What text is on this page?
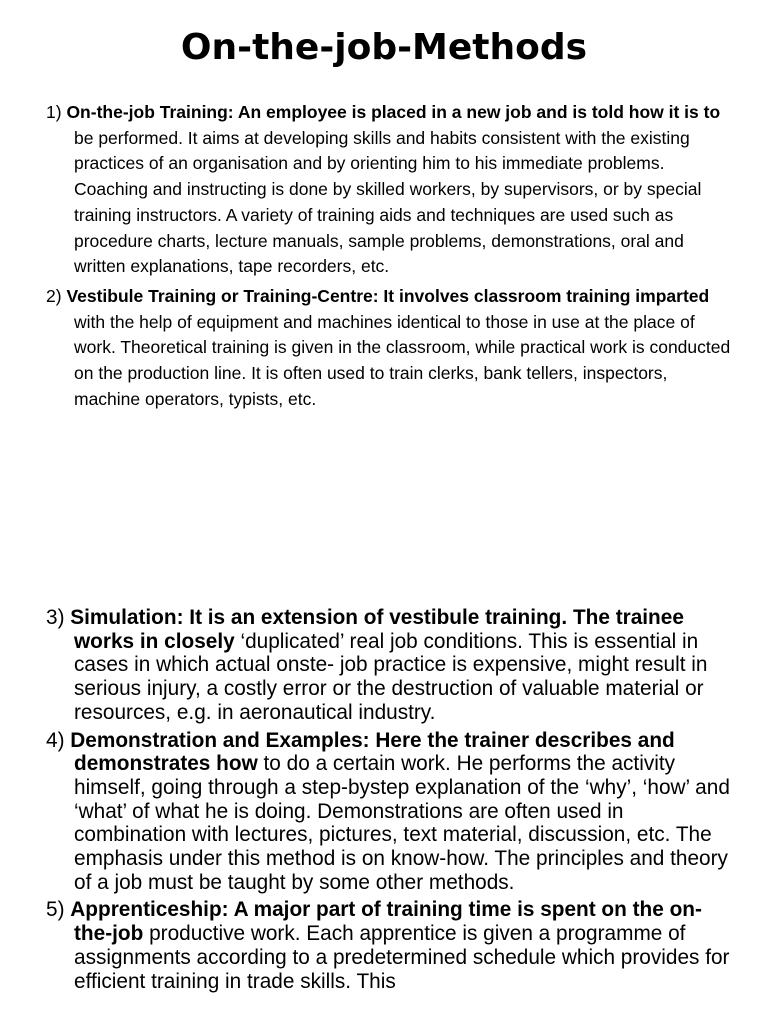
On-the-job-Methods

1) On-the-job Training: An employee is placed in a new job and is told how it is to be performed. It aims at developing skills and habits consistent with the existing practices of an organisation and by orienting him to his immediate problems. Coaching and instructing is done by skilled workers, by supervisors, or by special training instructors. A variety of training aids and techniques are used such as procedure charts, lecture manuals, sample problems, demonstrations, oral and written explanations, tape recorders, etc.

2) Vestibule Training or Training-Centre: It involves classroom training imparted with the help of equipment and machines identical to those in use at the place of work. Theoretical training is given in the classroom, while practical work is conducted on the production line. It is often used to train clerks, bank tellers, inspectors, machine operators, typists, etc.

3) Simulation: It is an extension of vestibule training. The trainee works in closely ‘duplicated’ real job conditions. This is essential in cases in which actual onste- job practice is expensive, might result in serious injury, a costly error or the destruction of valuable material or resources, e.g. in aeronautical industry.

4) Demonstration and Examples: Here the trainer describes and demonstrates how to do a certain work. He performs the activity himself, going through a step-bystep explanation of the ‘why’, ‘how’ and ‘what’ of what he is doing. Demonstrations are often used in combination with lectures, pictures, text material, discussion, etc. The emphasis under this method is on know-how. The principles and theory of a job must be taught by some other methods.

5) Apprenticeship: A major part of training time is spent on the on-the-job productive work. Each apprentice is given a programme of assignments according to a predetermined schedule which provides for efficient training in trade skills. This
